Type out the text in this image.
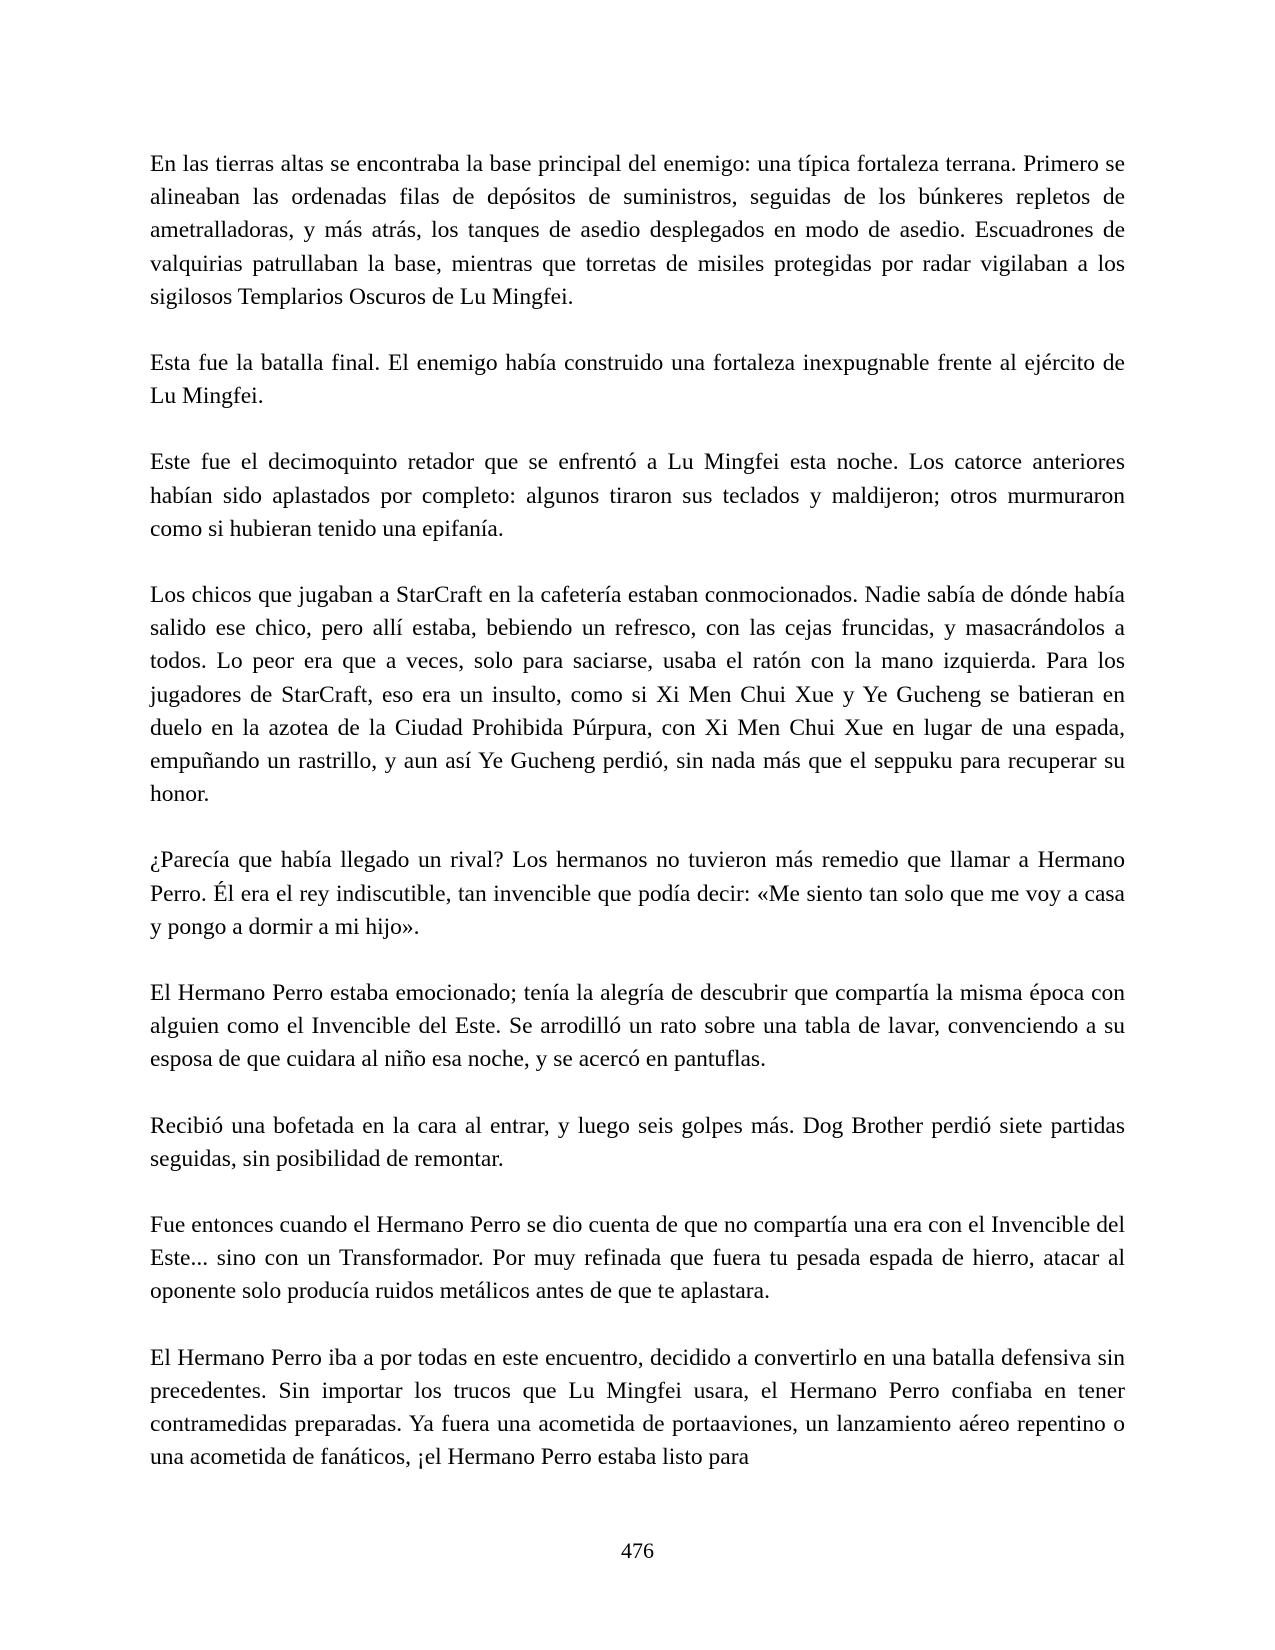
En las tierras altas se encontraba la base principal del enemigo: una típica fortaleza terrana. Primero se alineaban las ordenadas filas de depósitos de suministros, seguidas de los búnkeres repletos de ametralladoras, y más atrás, los tanques de asedio desplegados en modo de asedio. Escuadrones de valquirias patrullaban la base, mientras que torretas de misiles protegidas por radar vigilaban a los sigilosos Templarios Oscuros de Lu Mingfei.

Esta fue la batalla final. El enemigo había construido una fortaleza inexpugnable frente al ejército de Lu Mingfei.

Este fue el decimoquinto retador que se enfrentó a Lu Mingfei esta noche. Los catorce anteriores habían sido aplastados por completo: algunos tiraron sus teclados y maldijeron; otros murmuraron como si hubieran tenido una epifanía.

Los chicos que jugaban a StarCraft en la cafetería estaban conmocionados. Nadie sabía de dónde había salido ese chico, pero allí estaba, bebiendo un refresco, con las cejas fruncidas, y masacrándolos a todos. Lo peor era que a veces, solo para saciarse, usaba el ratón con la mano izquierda. Para los jugadores de StarCraft, eso era un insulto, como si Xi Men Chui Xue y Ye Gucheng se batieran en duelo en la azotea de la Ciudad Prohibida Púrpura, con Xi Men Chui Xue en lugar de una espada, empuñando un rastrillo, y aun así Ye Gucheng perdió, sin nada más que el seppuku para recuperar su honor.

¿Parecía que había llegado un rival? Los hermanos no tuvieron más remedio que llamar a Hermano Perro. Él era el rey indiscutible, tan invencible que podía decir: «Me siento tan solo que me voy a casa y pongo a dormir a mi hijo».

El Hermano Perro estaba emocionado; tenía la alegría de descubrir que compartía la misma época con alguien como el Invencible del Este. Se arrodilló un rato sobre una tabla de lavar, convenciendo a su esposa de que cuidara al niño esa noche, y se acercó en pantuflas.

Recibió una bofetada en la cara al entrar, y luego seis golpes más. Dog Brother perdió siete partidas seguidas, sin posibilidad de remontar.

Fue entonces cuando el Hermano Perro se dio cuenta de que no compartía una era con el Invencible del Este... sino con un Transformador. Por muy refinada que fuera tu pesada espada de hierro, atacar al oponente solo producía ruidos metálicos antes de que te aplastara.

El Hermano Perro iba a por todas en este encuentro, decidido a convertirlo en una batalla defensiva sin precedentes. Sin importar los trucos que Lu Mingfei usara, el Hermano Perro confiaba en tener contramedidas preparadas. Ya fuera una acometida de portaaviones, un lanzamiento aéreo repentino o una acometida de fanáticos, ¡el Hermano Perro estaba listo para

476
